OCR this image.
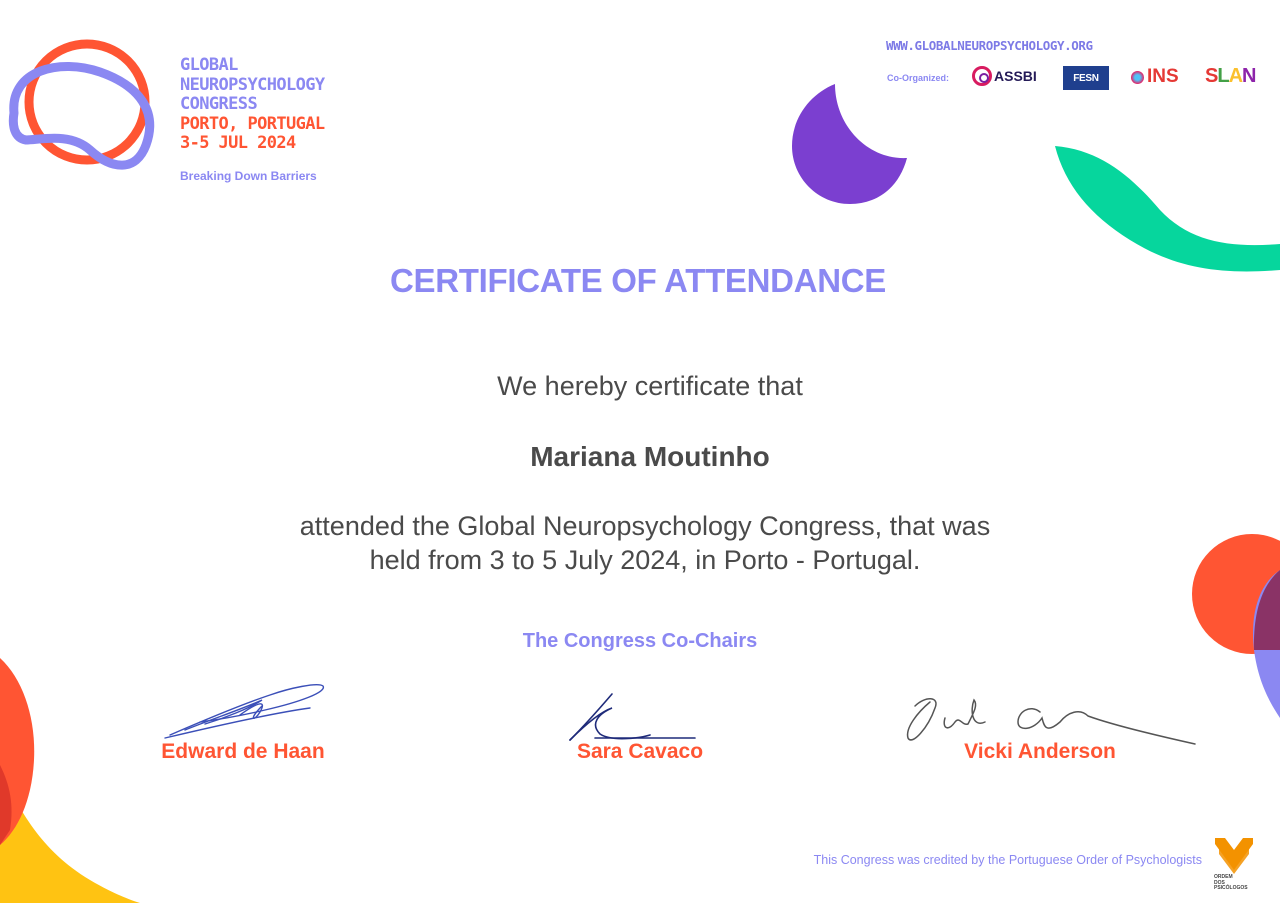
GLOBAL
NEUROPSYCHOLOGY
CONGRESS
PORTO, PORTUGAL
3-5 JUL 2024
Breaking Down Barriers
WWW.GLOBALNEUROPSYCHOLOGY.ORG
Co-Organized:	ASSBI	FESN	INS SLAN
CERTIFICATE OF ATTENDANCE
We hereby certificate that
Mariana Moutinho
attended the Global Neuropsychology Congress, that was
held from 3 to 5 July 2024, in Porto - Portugal.
The Congress Co-Chairs
Edward de Haan	Sara Cavaco	Vicki Anderson
This Congress was credited by the Portuguese Order of Psychologists
ORDEM
DOS
PSICÓLOGOS
